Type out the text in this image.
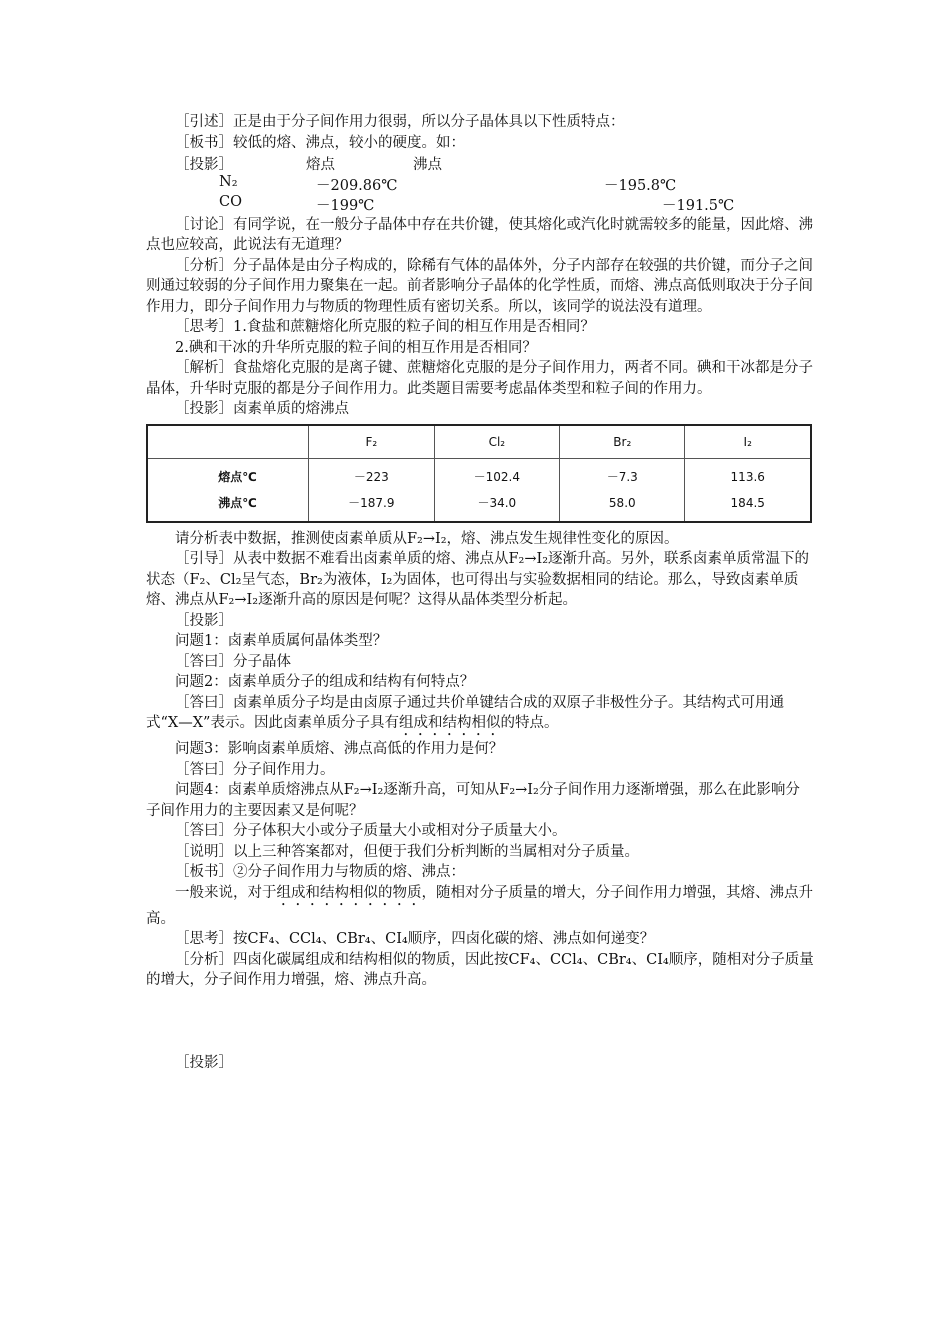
［引述］正是由于分子间作用力很弱，所以分子晶体具以下性质特点：

［板书］较低的熔、沸点，较小的硬度。如：

［投影］	熔点	沸点
N₂	－209.86℃	－195.8℃
CO	－199℃	－191.5℃

［讨论］有同学说，在一般分子晶体中存在共价键，使其熔化或汽化时就需较多的能量，因此熔、沸点也应较高，此说法有无道理？

［分析］分子晶体是由分子构成的，除稀有气体的晶体外，分子内部存在较强的共价键，而分子之间则通过较弱的分子间作用力聚集在一起。前者影响分子晶体的化学性质，而熔、沸点高低则取决于分子间作用力，即分子间作用力与物质的物理性质有密切关系。所以，该同学的说法没有道理。

［思考］1.食盐和蔗糖熔化所克服的粒子间的相互作用是否相同？

2.碘和干冰的升华所克服的粒子间的相互作用是否相同？

［解析］食盐熔化克服的是离子键、蔗糖熔化克服的是分子间作用力，两者不同。碘和干冰都是分子晶体，升华时克服的都是分子间作用力。此类题目需要考虑晶体类型和粒子间的作用力。

［投影］卤素单质的熔沸点

	F₂	Cl₂	Br₂	I₂
熔点℃	－223	－102.4	－7.3	113.6
沸点℃	－187.9	－34.0	58.0	184.5

请分析表中数据，推测使卤素单质从F₂→I₂，熔、沸点发生规律性变化的原因。

［引导］从表中数据不难看出卤素单质的熔、沸点从F₂→I₂逐渐升高。另外，联系卤素单质常温下的状态（F₂、Cl₂呈气态，Br₂为液体，I₂为固体，也可得出与实验数据相同的结论。那么，导致卤素单质熔、沸点从F₂→I₂逐渐升高的原因是何呢？这得从晶体类型分析起。

［投影］

问题1：卤素单质属何晶体类型？

［答曰］分子晶体

问题2：卤素单质分子的组成和结构有何特点？

［答曰］卤素单质分子均是由卤原子通过共价单键结合成的双原子非极性分子。其结构式可用通式“X—X”表示。因此卤素单质分子具有组成和结构相似的特点。

问题3：影响卤素单质熔、沸点高低的作用力是何？

［答曰］分子间作用力。

问题4：卤素单质熔沸点从F₂→I₂逐渐升高，可知从F₂→I₂分子间作用力逐渐增强，那么在此影响分子间作用力的主要因素又是何呢？

［答曰］分子体积大小或分子质量大小或相对分子质量大小。

［说明］以上三种答案都对，但便于我们分析判断的当属相对分子质量。

［板书］②分子间作用力与物质的熔、沸点：

一般来说，对于组成和结构相似的物质，随相对分子质量的增大，分子间作用力增强，其熔、沸点升高。

［思考］按CF₄、CCl₄、CBr₄、CI₄顺序，四卤化碳的熔、沸点如何递变？

［分析］四卤化碳属组成和结构相似的物质，因此按CF₄、CCl₄、CBr₄、CI₄顺序，随相对分子质量的增大，分子间作用力增强，熔、沸点升高。

［投影］
